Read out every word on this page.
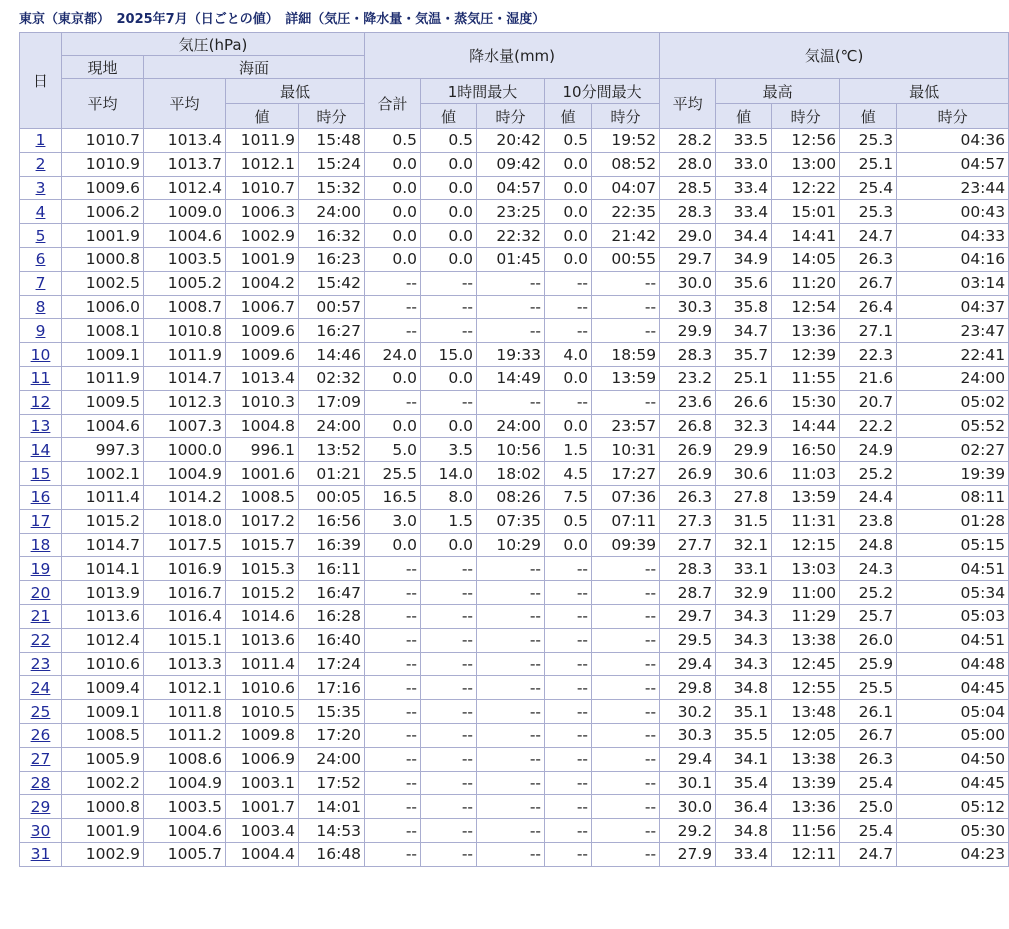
東京（東京都）　2025年7月（日ごとの値）　詳細（気圧・降水量・気温・蒸気圧・湿度）
日	気圧(hPa)				降水量(mm)					気温(℃)				
	現地	海面												
	平均	平均	最低		合計	1時間最大		10分間最大		平均	最高		最低	
			値	時分		値	時分	値	時分		値	時分	値	時分
1	1010.7	1013.4	1011.9	15:48	0.5	0.5	20:42	0.5	19:52	28.2	33.5	12:56	25.3	04:36
2	1010.9	1013.7	1012.1	15:24	0.0	0.0	09:42	0.0	08:52	28.0	33.0	13:00	25.1	04:57
3	1009.6	1012.4	1010.7	15:32	0.0	0.0	04:57	0.0	04:07	28.5	33.4	12:22	25.4	23:44
4	1006.2	1009.0	1006.3	24:00	0.0	0.0	23:25	0.0	22:35	28.3	33.4	15:01	25.3	00:43
5	1001.9	1004.6	1002.9	16:32	0.0	0.0	22:32	0.0	21:42	29.0	34.4	14:41	24.7	04:33
6	1000.8	1003.5	1001.9	16:23	0.0	0.0	01:45	0.0	00:55	29.7	34.9	14:05	26.3	04:16
7	1002.5	1005.2	1004.2	15:42	--	--	--	--	--	30.0	35.6	11:20	26.7	03:14
8	1006.0	1008.7	1006.7	00:57	--	--	--	--	--	30.3	35.8	12:54	26.4	04:37
9	1008.1	1010.8	1009.6	16:27	--	--	--	--	--	29.9	34.7	13:36	27.1	23:47
10	1009.1	1011.9	1009.6	14:46	24.0	15.0	19:33	4.0	18:59	28.3	35.7	12:39	22.3	22:41
11	1011.9	1014.7	1013.4	02:32	0.0	0.0	14:49	0.0	13:59	23.2	25.1	11:55	21.6	24:00
12	1009.5	1012.3	1010.3	17:09	--	--	--	--	--	23.6	26.6	15:30	20.7	05:02
13	1004.6	1007.3	1004.8	24:00	0.0	0.0	24:00	0.0	23:57	26.8	32.3	14:44	22.2	05:52
14	997.3	1000.0	996.1	13:52	5.0	3.5	10:56	1.5	10:31	26.9	29.9	16:50	24.9	02:27
15	1002.1	1004.9	1001.6	01:21	25.5	14.0	18:02	4.5	17:27	26.9	30.6	11:03	25.2	19:39
16	1011.4	1014.2	1008.5	00:05	16.5	8.0	08:26	7.5	07:36	26.3	27.8	13:59	24.4	08:11
17	1015.2	1018.0	1017.2	16:56	3.0	1.5	07:35	0.5	07:11	27.3	31.5	11:31	23.8	01:28
18	1014.7	1017.5	1015.7	16:39	0.0	0.0	10:29	0.0	09:39	27.7	32.1	12:15	24.8	05:15
19	1014.1	1016.9	1015.3	16:11	--	--	--	--	--	28.3	33.1	13:03	24.3	04:51
20	1013.9	1016.7	1015.2	16:47	--	--	--	--	--	28.7	32.9	11:00	25.2	05:34
21	1013.6	1016.4	1014.6	16:28	--	--	--	--	--	29.7	34.3	11:29	25.7	05:03
22	1012.4	1015.1	1013.6	16:40	--	--	--	--	--	29.5	34.3	13:38	26.0	04:51
23	1010.6	1013.3	1011.4	17:24	--	--	--	--	--	29.4	34.3	12:45	25.9	04:48
24	1009.4	1012.1	1010.6	17:16	--	--	--	--	--	29.8	34.8	12:55	25.5	04:45
25	1009.1	1011.8	1010.5	15:35	--	--	--	--	--	30.2	35.1	13:48	26.1	05:04
26	1008.5	1011.2	1009.8	17:20	--	--	--	--	--	30.3	35.5	12:05	26.7	05:00
27	1005.9	1008.6	1006.9	24:00	--	--	--	--	--	29.4	34.1	13:38	26.3	04:50
28	1002.2	1004.9	1003.1	17:52	--	--	--	--	--	30.1	35.4	13:39	25.4	04:45
29	1000.8	1003.5	1001.7	14:01	--	--	--	--	--	30.0	36.4	13:36	25.0	05:12
30	1001.9	1004.6	1003.4	14:53	--	--	--	--	--	29.2	34.8	11:56	25.4	05:30
31	1002.9	1005.7	1004.4	16:48	--	--	--	--	--	27.9	33.4	12:11	24.7	04:23
